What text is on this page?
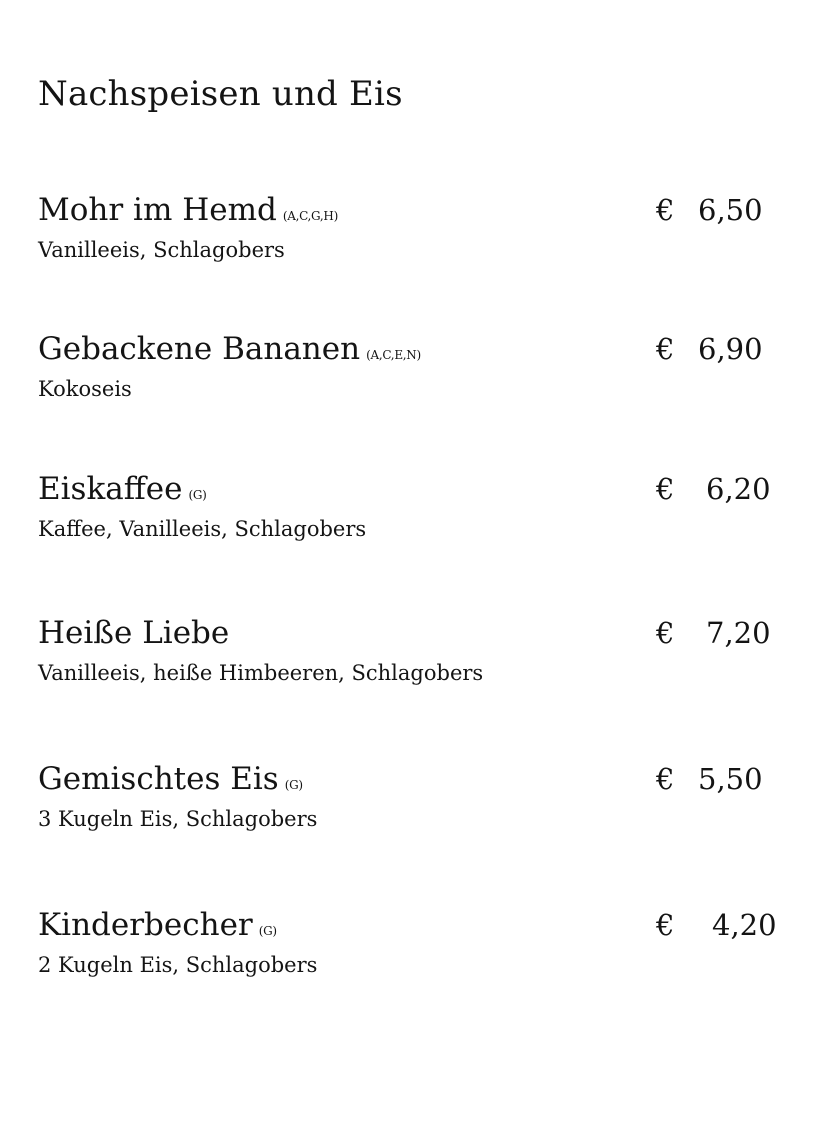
Nachspeisen und Eis
Mohr im Hemd (A,C,G,H)
Vanilleeis, Schlagobers
€ 6,50
Gebackene Bananen (A,C,E,N)
Kokoseis
€ 6,90
Eiskaffee (G)
Kaffee, Vanilleeis, Schlagobers
€ 6,20
Heiße Liebe
Vanilleeis, heiße Himbeeren, Schlagobers
€ 7,20
Gemischtes Eis (G)
3 Kugeln Eis, Schlagobers
€ 5,50
Kinderbecher (G)
2 Kugeln Eis, Schlagobers
€ 4,20
